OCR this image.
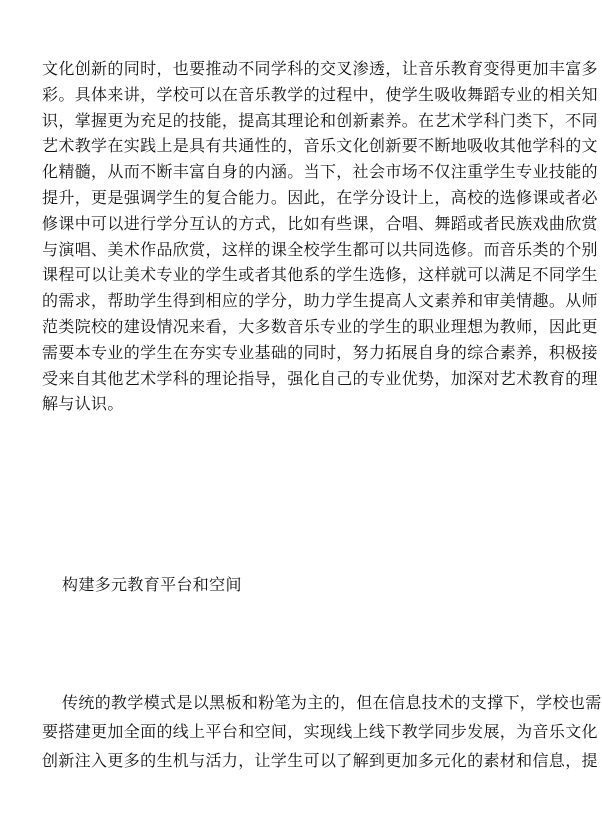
文化创新的同时，也要推动不同学科的交叉渗透，让音乐教育变得更加丰富多
彩。具体来讲，学校可以在音乐教学的过程中，使学生吸收舞蹈专业的相关知
识，掌握更为充足的技能，提高其理论和创新素养。在艺术学科门类下，不同
艺术教学在实践上是具有共通性的，音乐文化创新要不断地吸收其他学科的文
化精髓，从而不断丰富自身的内涵。当下，社会市场不仅注重学生专业技能的
提升，更是强调学生的复合能力。因此，在学分设计上，高校的选修课或者必
修课中可以进行学分互认的方式，比如有些课，合唱、舞蹈或者民族戏曲欣赏
与演唱、美术作品欣赏，这样的课全校学生都可以共同选修。而音乐类的个别
课程可以让美术专业的学生或者其他系的学生选修，这样就可以满足不同学生
的需求，帮助学生得到相应的学分，助力学生提高人文素养和审美情趣。从师
范类院校的建设情况来看，大多数音乐专业的学生的职业理想为教师，因此更
需要本专业的学生在夯实专业基础的同时，努力拓展自身的综合素养，积极接
受来自其他艺术学科的理论指导，强化自己的专业优势，加深对艺术教育的理
解与认识。
构建多元教育平台和空间
传统的教学模式是以黑板和粉笔为主的，但在信息技术的支撑下，学校也需
要搭建更加全面的线上平台和空间，实现线上线下教学同步发展，为音乐文化
创新注入更多的生机与活力，让学生可以了解到更加多元化的素材和信息，提
